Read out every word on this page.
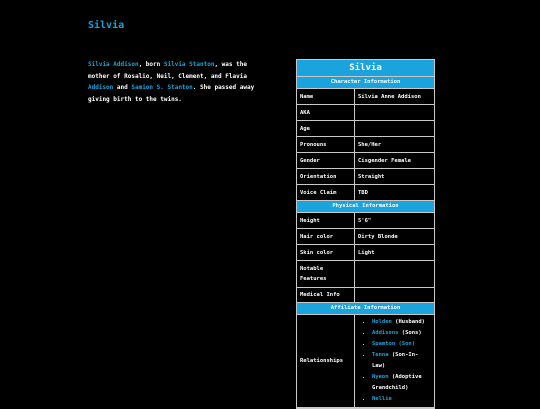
Silvia
Silvia Addison, born Silvia Stanton, was the mother of Rosalio, Neil, Clement, and Flavia Addison and Samion S. Stanton. She passed away giving birth to the twins.
Silvia
Character Information
Name	Silvia Anne Addison
AKA
Age
Pronouns	She/Her
Gender	Cisgender Female
Orientation	Straight
Voice Claim	TBD
Physical Information
Height	5'6"
Hair color	Dirty Blonde
Skin color	Light
Notable Features
Medical Info
Affiliate Information
Relationships
• Holden (Husband)
• Addisons (Sons)
• Spamton (Son)
• Tenna (Son-In-Law)
• Nyeon (Adoptive Grandchild)
• Nellie
